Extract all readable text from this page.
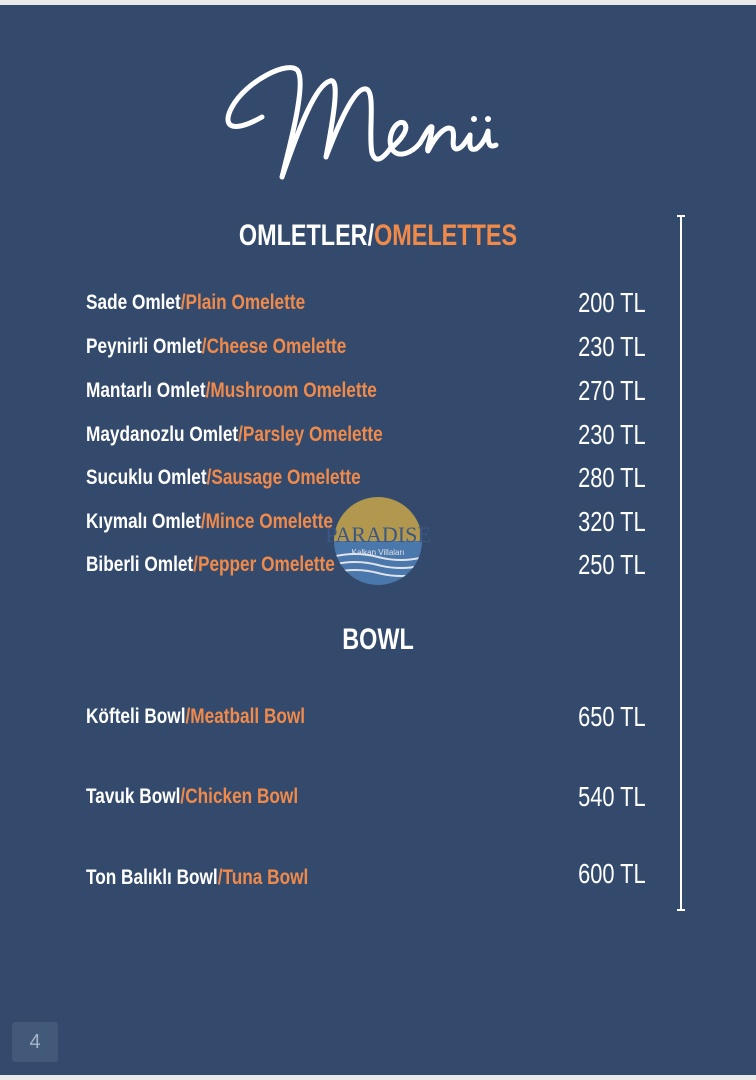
OMLETLER/OMELETTES
Sade Omlet/Plain Omelette	200 TL
Peynirli Omlet/Cheese Omelette	230 TL
Mantarlı Omlet/Mushroom Omelette	270 TL
Maydanozlu Omlet/Parsley Omelette	230 TL
Sucuklu Omlet/Sausage Omelette	280 TL
Kıymalı Omlet/Mince Omelette	320 TL
Biberli Omlet/Pepper Omelette	250 TL
BOWL
Köfteli Bowl/Meatball Bowl	650 TL
Tavuk Bowl/Chicken Bowl	540 TL
Ton Balıklı Bowl/Tuna Bowl	600 TL
PARADISE
Kalkan Villaları
4
